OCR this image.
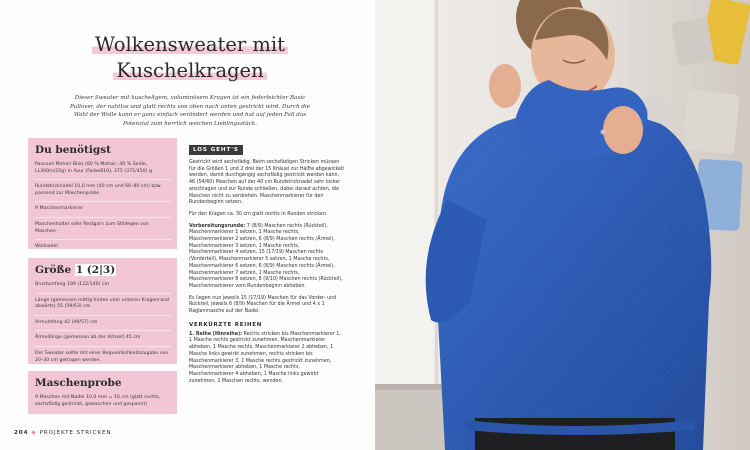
Wolkensweater mit
Kuschelkragen

Dieser Sweater mit kuscheligem, voluminösem Kragen ist ein federleichter Basic Pullover, der nahtlos und glatt rechts von oben nach unten gestrickt wird. Durch die Wahl der Wolle kann er ganz einfach verändert werden und hat auf jeden Fall das Potenzial zum herrlich weichen Lieblingsstück.

Du benötigst

Pascuali Mohair Bliss (60 % Mohair, 40 % Seide, LL300m/25g) in Azur (Farbe810), 375 (375/450) g

Rundstricknadel 10,0 mm (40 cm und 60–80 cm) bzw. passend zur Maschenprobe

9 Maschenmarkierer

Maschenhalter oder Restgarn zum Stilllegen von Maschen

Wollnadel

Größe 1 (2|3)

Brustumfang 109 (122/140) cm

Länge (gemessen mittig hinten vom unteren Kragenrand abwärts) 55 (59/63) cm

Armumfang 42 (49/57) cm

Ärmellänge (gemessen ab der Achsel) 45 cm

Der Sweater sollte mit einer Bequemlichkeitszugabe von 20–30 cm getragen werden.

Maschenprobe

9 Maschen mit Nadel 10,0 mm = 10 cm (glatt rechts, sechsfädig gestrickt, gewaschen und gespannt)

LOS GEHT'S

Gestrickt wird sechsfädig. Beim sechsfädigen Stricken müssen für die Größen 1 und 2 drei der 15 Knäuel zur Hälfte abgewickelt werden, damit durchgängig sechsfädig gestrickt werden kann. 46 (54/60) Maschen auf der 40 cm Rundstricknadel sehr locker anschlagen und zur Runde schließen, dabei darauf achten, die Maschen nicht zu verdrehen. Maschenmarkierer für den Rundenbeginn setzen.

Für den Kragen ca. 30 cm glatt rechts in Runden stricken.

Vorbereitungsrunde: 7 (8/9) Maschen rechts (Rückteil), Maschenmarkierer 1 setzen, 1 Masche rechts, Maschenmarkierer 2 setzen, 6 (8/9) Maschen rechts (Ärmel), Maschenmarkierer 3 setzen, 1 Masche rechts, Maschenmarkierer 4 setzen, 15 (17/19) Maschen rechts (Vorderteil), Maschenmarkierer 5 setzen, 1 Masche rechts, Maschenmarkierer 6 setzen, 6 (8/9) Maschen rechts (Ärmel), Maschenmarkierer 7 setzen, 1 Masche rechts, Maschenmarkierer 8 setzen, 8 (9/10) Maschen rechts (Rückteil), Maschenmarkierer vom Rundenbeginn abheben.

Es liegen nun jeweils 15 (17/19) Maschen für das Vorder- und Rückteil, jeweils 6 (8/9) Maschen für die Ärmel und 4 x 1 Raglanmasche auf der Nadel.

VERKÜRZTE REIHEN

1. Reihe (Hinreihe): Rechts stricken bis Maschenmarkierer 1, 1 Masche rechts gestrickt zunehmen, Maschenmarkierer abheben, 1 Masche rechts, Maschenmarkierer 2 abheben, 1 Masche links gewirkt zunehmen, rechts stricken bis Maschenmarkierer 3, 1 Masche rechts gestrickt zunehmen, Maschenmarkierer abheben, 1 Masche rechts, Maschenmarkierer 4 abheben, 1 Masche links gewirkt zunehmen, 2 Maschen rechts, wenden.

204 ◆ PROJEKTE STRICKEN
